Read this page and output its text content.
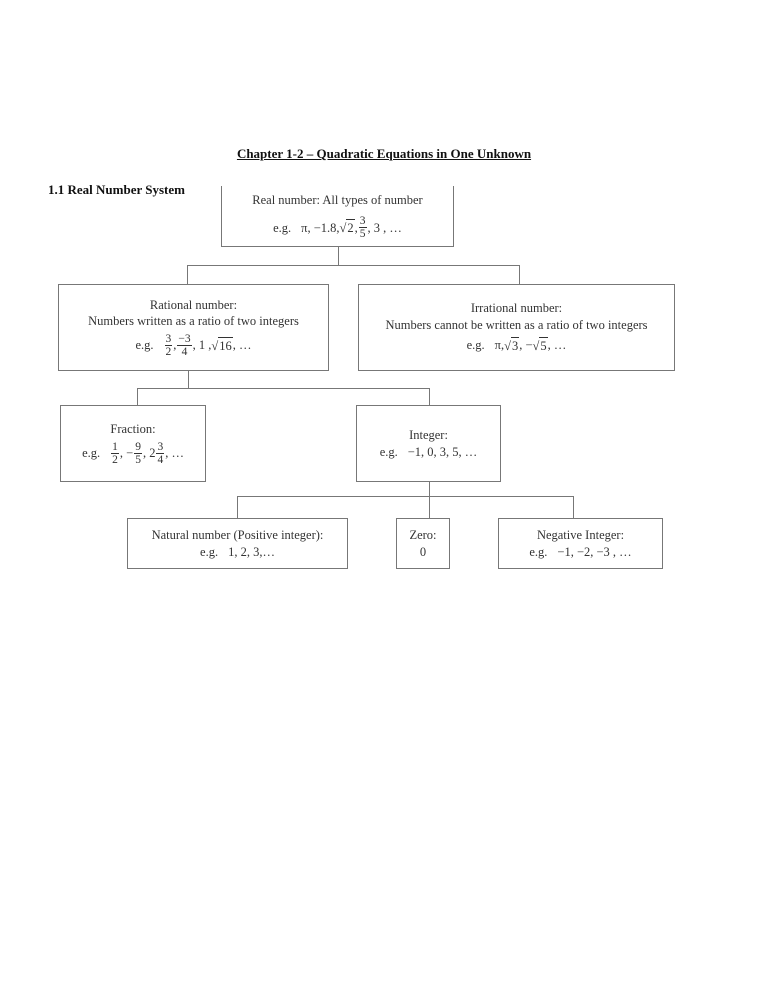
Chapter 1-2 – Quadratic Equations in One Unknown
1.1 Real Number System
Real number: All types of number
e.g. π, −1.8, √ 2 , $\frac{3}{5}$ , 3 , …
Rational number:
Numbers written as a ratio of two integers
e.g. $\frac{3}{2}$ , $\frac{-3}{4}$ , 1 , √ 16 , …
Irrational number:
Numbers cannot be written as a ratio of two integers
e.g. π, √ 3 , − √ 5 , …
Fraction:
e.g. $\frac{1}{2}$ , − $\frac{9}{5}$ , $2 \frac{3}{4}$ , …
Integer:
e.g. −1, 0, 3, 5, …
Natural number (Positive integer):
e.g. 1, 2, 3,…
Zero:
0
Negative Integer:
e.g. −1, −2, −3 , …
